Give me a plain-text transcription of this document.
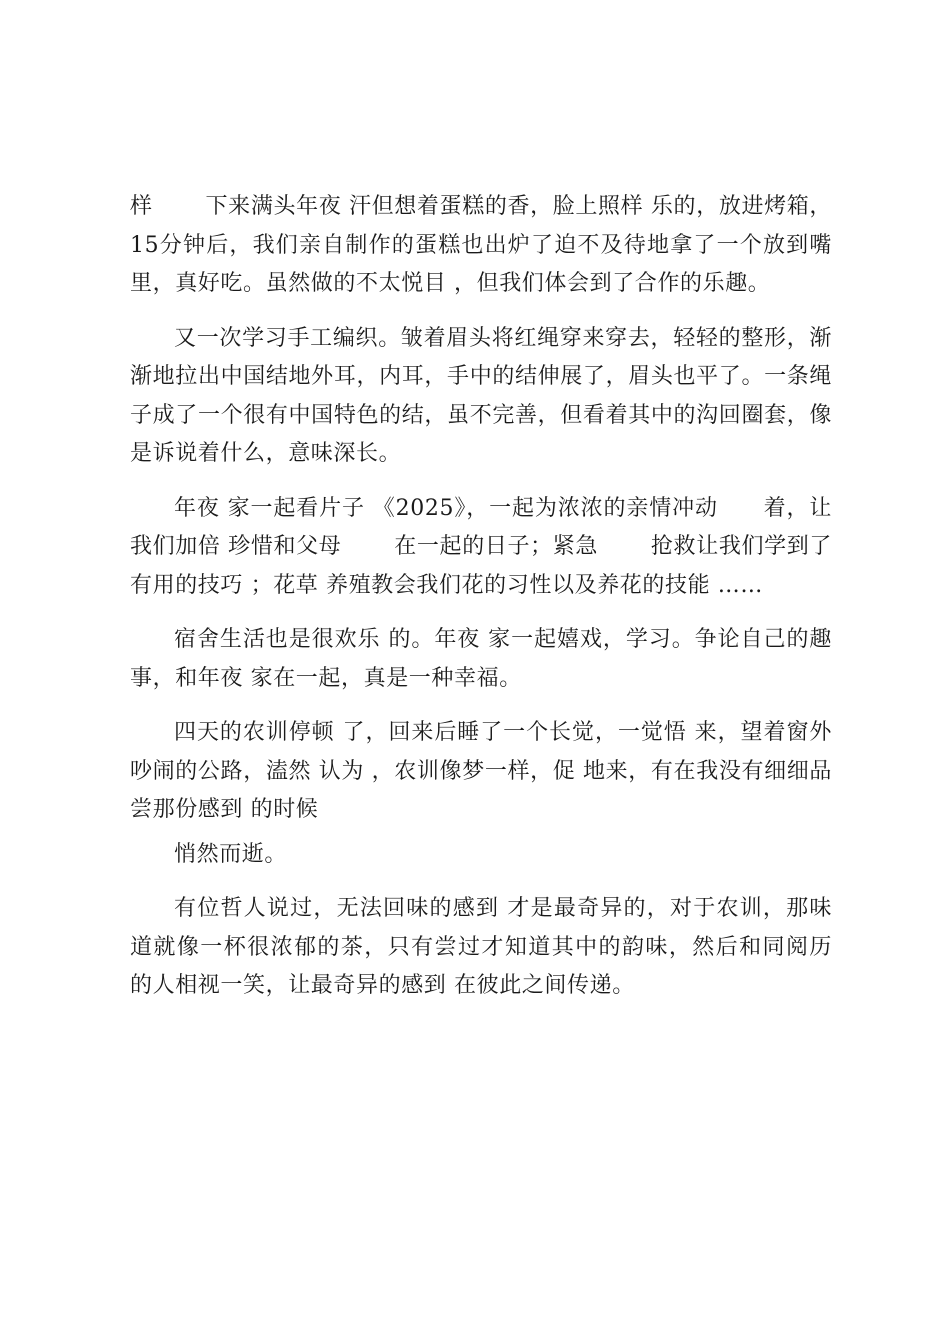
样　　 下来满头年夜 汗但想着蛋糕的香，脸上照样 乐的，放进烤箱，15分钟后，我们亲自制作的蛋糕也出炉了迫不及待地拿了一个放到嘴里，真好吃。虽然做的不太悦目 ，但我们体会到了合作的乐趣。

又一次学习手工编织。皱着眉头将红绳穿来穿去，轻轻的整形，渐渐地拉出中国结地外耳，内耳，手中的结伸展了，眉头也平了。一条绳子成了一个很有中国特色的结，虽不完善，但看着其中的沟回圈套，像是诉说着什么，意味深长。

年夜 家一起看片子 《2025》，一起为浓浓的亲情冲动　　着，让我们加倍 珍惜和父母　　 在一起的日子；紧急　　 抢救让我们学到了有用的技巧 ；花草 养殖教会我们花的习性以及养花的技能 ……

宿舍生活也是很欢乐 的。年夜 家一起嬉戏，学习。争论自己的趣事，和年夜 家在一起，真是一种幸福。

四天的农训停顿 了，回来后睡了一个长觉，一觉悟 来，望着窗外吵闹的公路，溘然 认为 ，农训像梦一样，促 地来，有在我没有细细品尝那份感到 的时候

悄然而逝。

有位哲人说过，无法回味的感到 才是最奇异的，对于农训，那味道就像一杯很浓郁的茶，只有尝过才知道其中的韵味，然后和同阅历 的人相视一笑，让最奇异的感到 在彼此之间传递。
